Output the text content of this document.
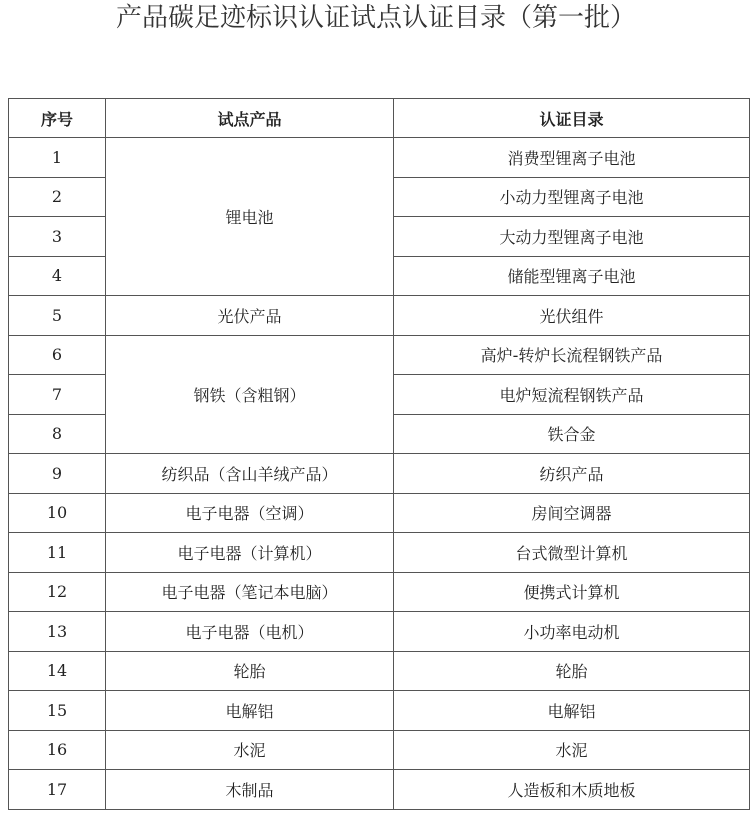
产品碳足迹标识认证试点认证目录（第一批）
序号	试点产品	认证目录
1	锂电池	消费型锂离子电池
2		小动力型锂离子电池
3		大动力型锂离子电池
4		储能型锂离子电池
5	光伏产品	光伏组件
6	钢铁（含粗钢）	高炉-转炉长流程钢铁产品
7		电炉短流程钢铁产品
8		铁合金
9	纺织品（含山羊绒产品）	纺织产品
10	电子电器（空调）	房间空调器
11	电子电器（计算机）	台式微型计算机
12	电子电器（笔记本电脑）	便携式计算机
13	电子电器（电机）	小功率电动机
14	轮胎	轮胎
15	电解铝	电解铝
16	水泥	水泥
17	木制品	人造板和木质地板
